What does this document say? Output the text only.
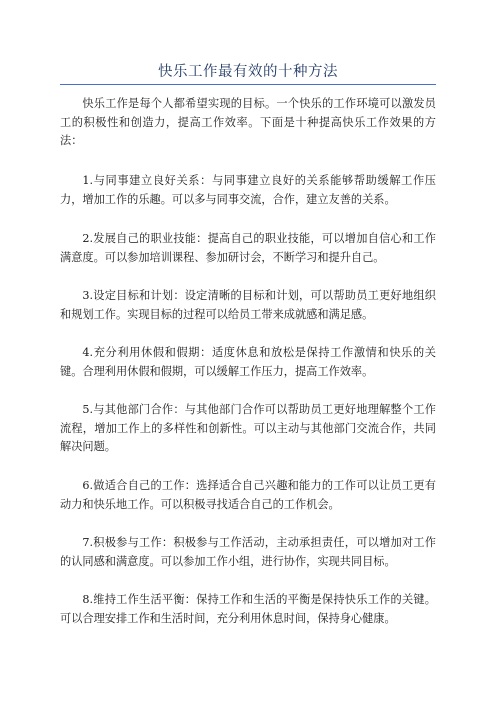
快乐工作最有效的十种方法

快乐工作是每个人都希望实现的目标。一个快乐的工作环境可以激发员工的积极性和创造力，提高工作效率。下面是十种提高快乐工作效果的方法：

1.与同事建立良好关系：与同事建立良好的关系能够帮助缓解工作压力，增加工作的乐趣。可以多与同事交流，合作，建立友善的关系。

2.发展自己的职业技能：提高自己的职业技能，可以增加自信心和工作满意度。可以参加培训课程、参加研讨会，不断学习和提升自己。

3.设定目标和计划：设定清晰的目标和计划，可以帮助员工更好地组织和规划工作。实现目标的过程可以给员工带来成就感和满足感。

4.充分利用休假和假期：适度休息和放松是保持工作激情和快乐的关键。合理利用休假和假期，可以缓解工作压力，提高工作效率。

5.与其他部门合作：与其他部门合作可以帮助员工更好地理解整个工作流程，增加工作上的多样性和创新性。可以主动与其他部门交流合作，共同解决问题。

6.做适合自己的工作：选择适合自己兴趣和能力的工作可以让员工更有动力和快乐地工作。可以积极寻找适合自己的工作机会。

7.积极参与工作：积极参与工作活动，主动承担责任，可以增加对工作的认同感和满意度。可以参加工作小组，进行协作，实现共同目标。

8.维持工作生活平衡：保持工作和生活的平衡是保持快乐工作的关键。可以合理安排工作和生活时间，充分利用休息时间，保持身心健康。
